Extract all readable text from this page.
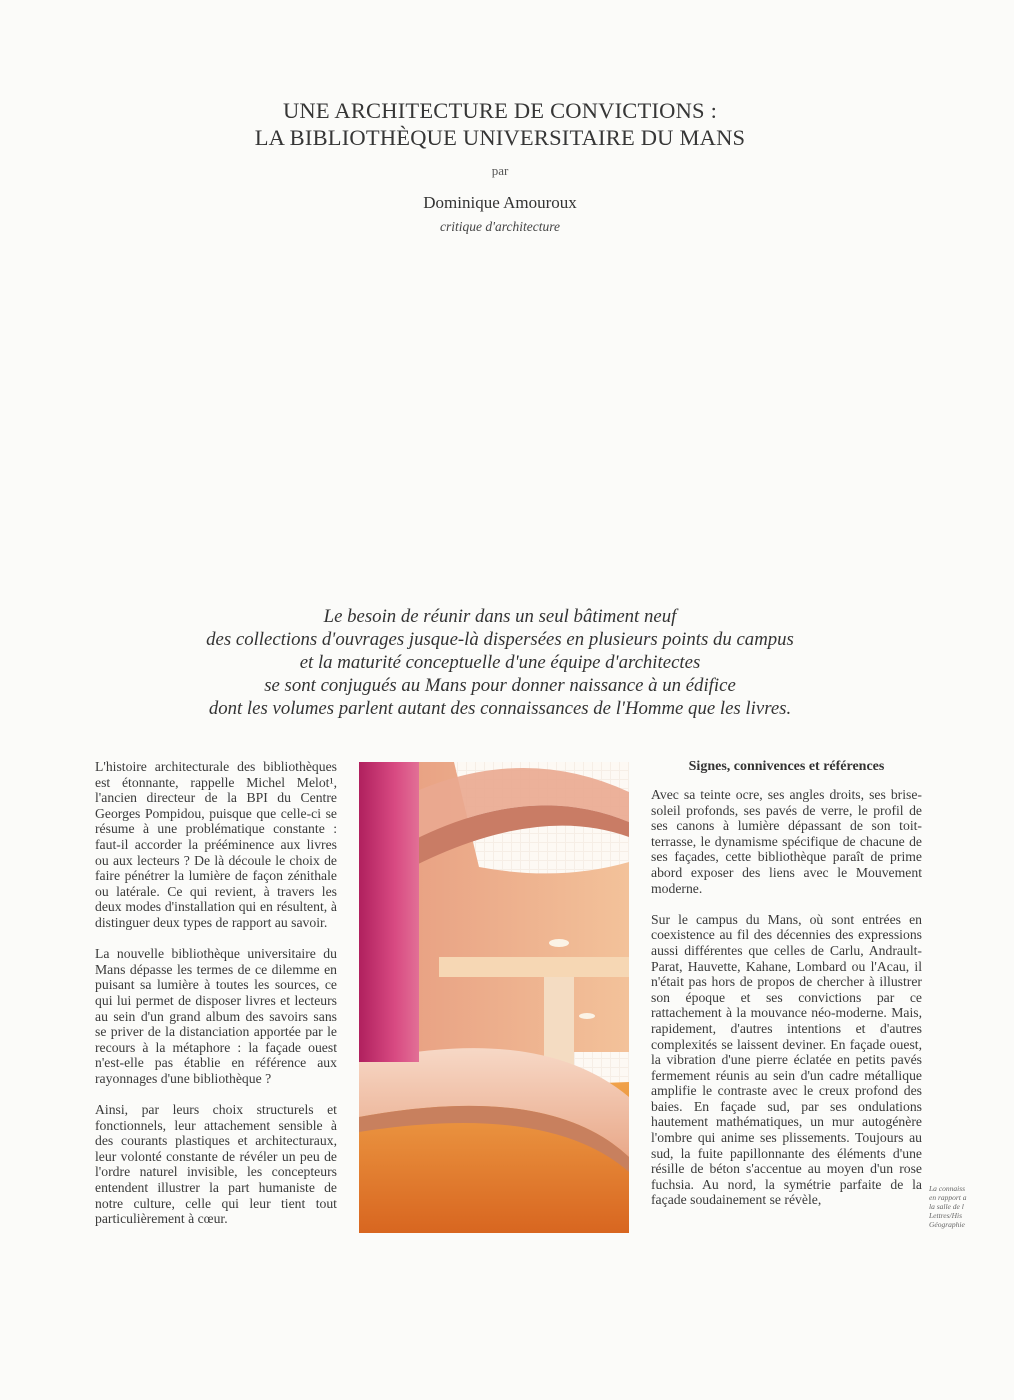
UNE ARCHITECTURE DE CONVICTIONS :
LA BIBLIOTHÈQUE UNIVERSITAIRE DU MANS
par
Dominique Amouroux
critique d'architecture
Le besoin de réunir dans un seul bâtiment neuf
des collections d'ouvrages jusque-là dispersées en plusieurs points du campus
et la maturité conceptuelle d'une équipe d'architectes
se sont conjugués au Mans pour donner naissance à un édifice
dont les volumes parlent autant des connaissances de l'Homme que les livres.

L'histoire architecturale des bibliothèques est étonnante, rappelle Michel Melot¹, l'ancien directeur de la BPI du Centre Georges Pompidou, puisque que celle-ci se résume à une problématique constante : faut-il accorder la prééminence aux livres ou aux lecteurs ? De là découle le choix de faire pénétrer la lumière de façon zénithale ou latérale. Ce qui revient, à travers les deux modes d'installation qui en résultent, à distinguer deux types de rapport au savoir.

La nouvelle bibliothèque universitaire du Mans dépasse les termes de ce dilemme en puisant sa lumière à toutes les sources, ce qui lui permet de disposer livres et lecteurs au sein d'un grand album des savoirs sans se priver de la distanciation apportée par le recours à la métaphore : la façade ouest n'est-elle pas établie en référence aux rayonnages d'une bibliothèque ?

Ainsi, par leurs choix structurels et fonctionnels, leur attachement sensible à des courants plastiques et architecturaux, leur volonté constante de révéler un peu de l'ordre naturel invisible, les concepteurs entendent illustrer la part humaniste de notre culture, celle qui leur tient tout particulièrement à cœur.

Signes, connivences et références

Avec sa teinte ocre, ses angles droits, ses brise-soleil profonds, ses pavés de verre, le profil de ses canons à lumière dépassant de son toit-terrasse, le dynamisme spécifique de chacune de ses façades, cette bibliothèque paraît de prime abord exposer des liens avec le Mouvement moderne.

Sur le campus du Mans, où sont entrées en coexistence au fil des décennies des expressions aussi différentes que celles de Carlu, Andrault-Parat, Hauvette, Kahane, Lombard ou l'Acau, il n'était pas hors de propos de chercher à illustrer son époque et ses convictions par ce rattachement à la mouvance néo-moderne. Mais, rapidement, d'autres intentions et d'autres complexités se laissent deviner. En façade ouest, la vibration d'une pierre éclatée en petits pavés fermement réunis au sein d'un cadre métallique amplifie le contraste avec le creux profond des baies. En façade sud, par ses ondulations hautement mathématiques, un mur autogénère l'ombre qui anime ses plissements. Toujours au sud, la fuite papillonnante des éléments d'une résille de béton s'accentue au moyen d'un rose fuchsia. Au nord, la symétrie parfaite de la façade soudainement se révèle,

La connaiss
en rapport a
la salle de l
Lettres/His
Géographie
